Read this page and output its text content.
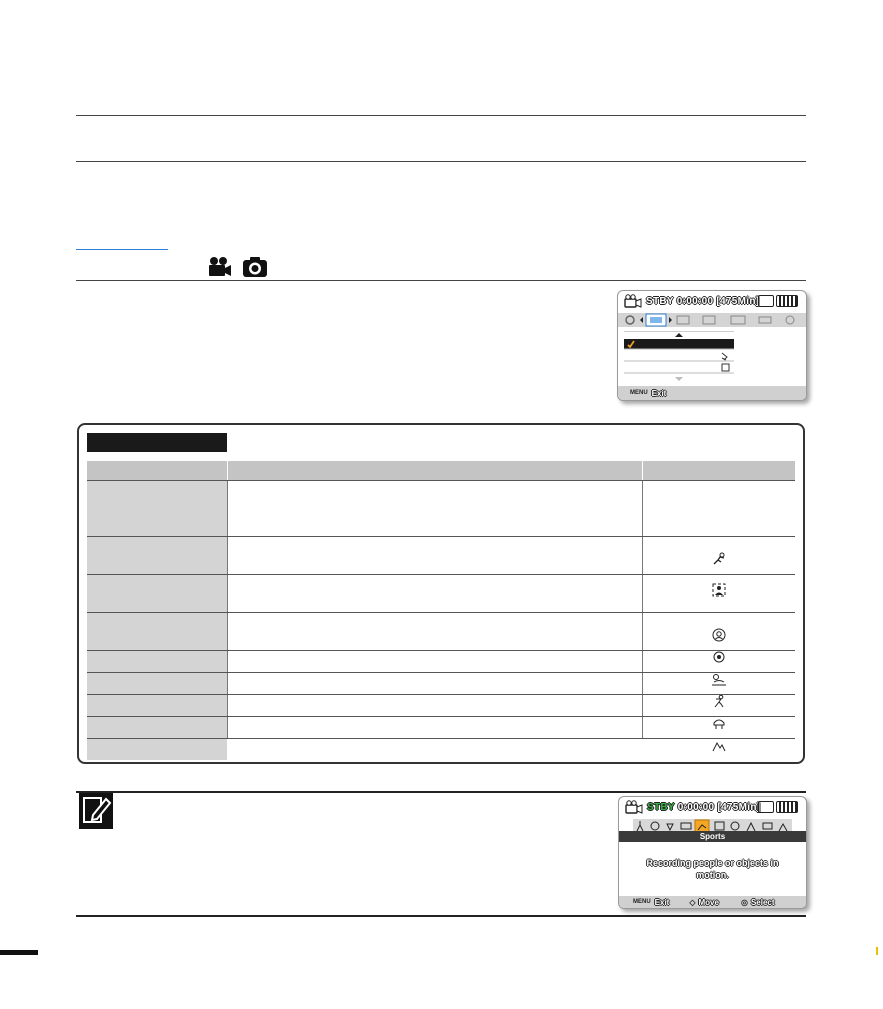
STBY 0:00:00 [475Min]
MENU Exit

STBY 0:00:00 [475Min]
Sports
Recording people or objects in motion.
MENU Exit	◇ Move	◎ Select
